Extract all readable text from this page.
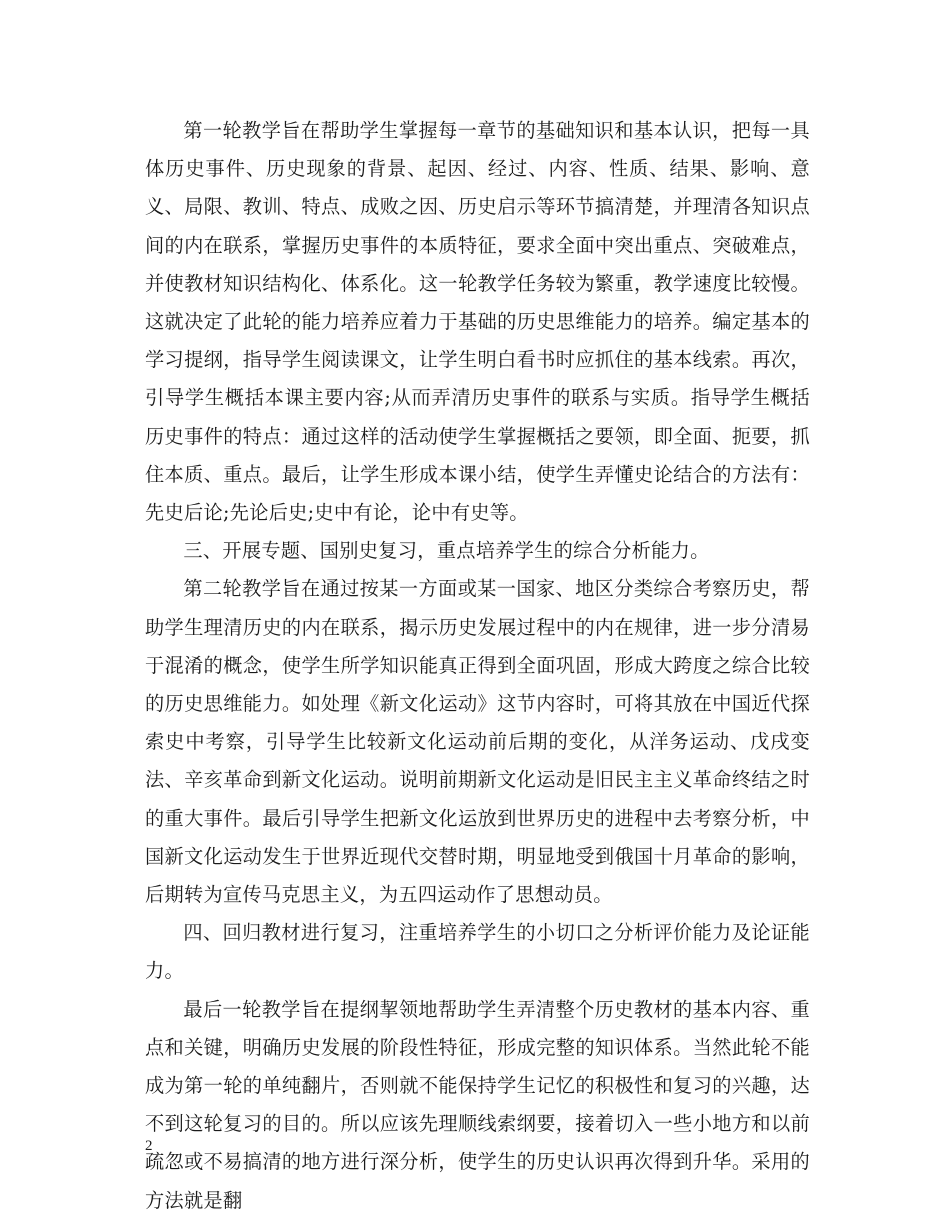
第一轮教学旨在帮助学生掌握每一章节的基础知识和基本认识，把每一具体历史事件、历史现象的背景、起因、经过、内容、性质、结果、影响、意义、局限、教训、特点、成败之因、历史启示等环节搞清楚，并理清各知识点间的内在联系，掌握历史事件的本质特征，要求全面中突出重点、突破难点，并使教材知识结构化、体系化。这一轮教学任务较为繁重，教学速度比较慢。这就决定了此轮的能力培养应着力于基础的历史思维能力的培养。编定基本的学习提纲，指导学生阅读课文，让学生明白看书时应抓住的基本线索。再次，引导学生概括本课主要内容;从而弄清历史事件的联系与实质。指导学生概括历史事件的特点：通过这样的活动使学生掌握概括之要领，即全面、扼要，抓住本质、重点。最后，让学生形成本课小结，使学生弄懂史论结合的方法有：先史后论;先论后史;史中有论，论中有史等。

三、开展专题、国别史复习，重点培养学生的综合分析能力。

第二轮教学旨在通过按某一方面或某一国家、地区分类综合考察历史，帮助学生理清历史的内在联系，揭示历史发展过程中的内在规律，进一步分清易于混淆的概念，使学生所学知识能真正得到全面巩固，形成大跨度之综合比较的历史思维能力。如处理《新文化运动》这节内容时，可将其放在中国近代探索史中考察，引导学生比较新文化运动前后期的变化，从洋务运动、戊戌变法、辛亥革命到新文化运动。说明前期新文化运动是旧民主主义革命终结之时的重大事件。最后引导学生把新文化运放到世界历史的进程中去考察分析，中国新文化运动发生于世界近现代交替时期，明显地受到俄国十月革命的影响，后期转为宣传马克思主义，为五四运动作了思想动员。

四、回归教材进行复习，注重培养学生的小切口之分析评价能力及论证能力。

最后一轮教学旨在提纲挈领地帮助学生弄清整个历史教材的基本内容、重点和关键，明确历史发展的阶段性特征，形成完整的知识体系。当然此轮不能成为第一轮的单纯翻片，否则就不能保持学生记忆的积极性和复习的兴趣，达不到这轮复习的目的。所以应该先理顺线索纲要，接着切入一些小地方和以前疏忽或不易搞清的地方进行深分析，使学生的历史认识再次得到升华。采用的方法就是翻

2
